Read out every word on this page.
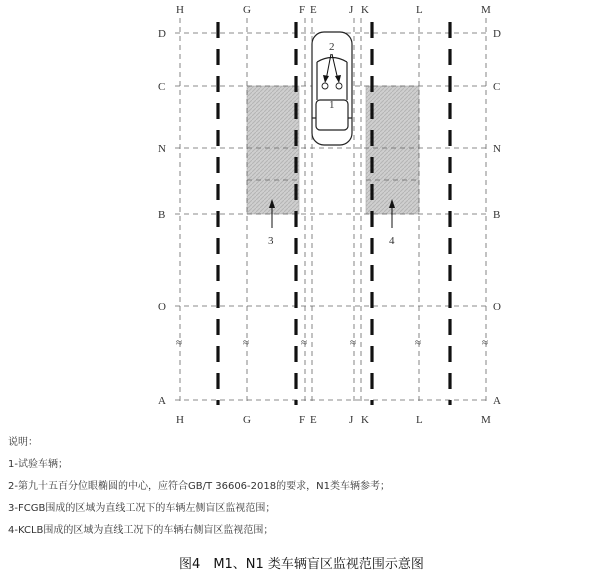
≈	≈	≈	≈	≈	≈
2
1
3	4
H	G	F E	J K	L	M
H	G	F E	J K	L	M
D
C
N
B
O
A
D
C
N
B
O
A
说明：
1-试验车辆；
2-第九十五百分位眼椭圆的中心，应符合GB/T 36606-2018的要求，N1类车辆参考；
3-FCGB围成的区域为直线工况下的车辆左侧盲区监视范围；
4-KCLB围成的区域为直线工况下的车辆右侧盲区监视范围；
图4　M1、N1 类车辆盲区监视范围示意图
